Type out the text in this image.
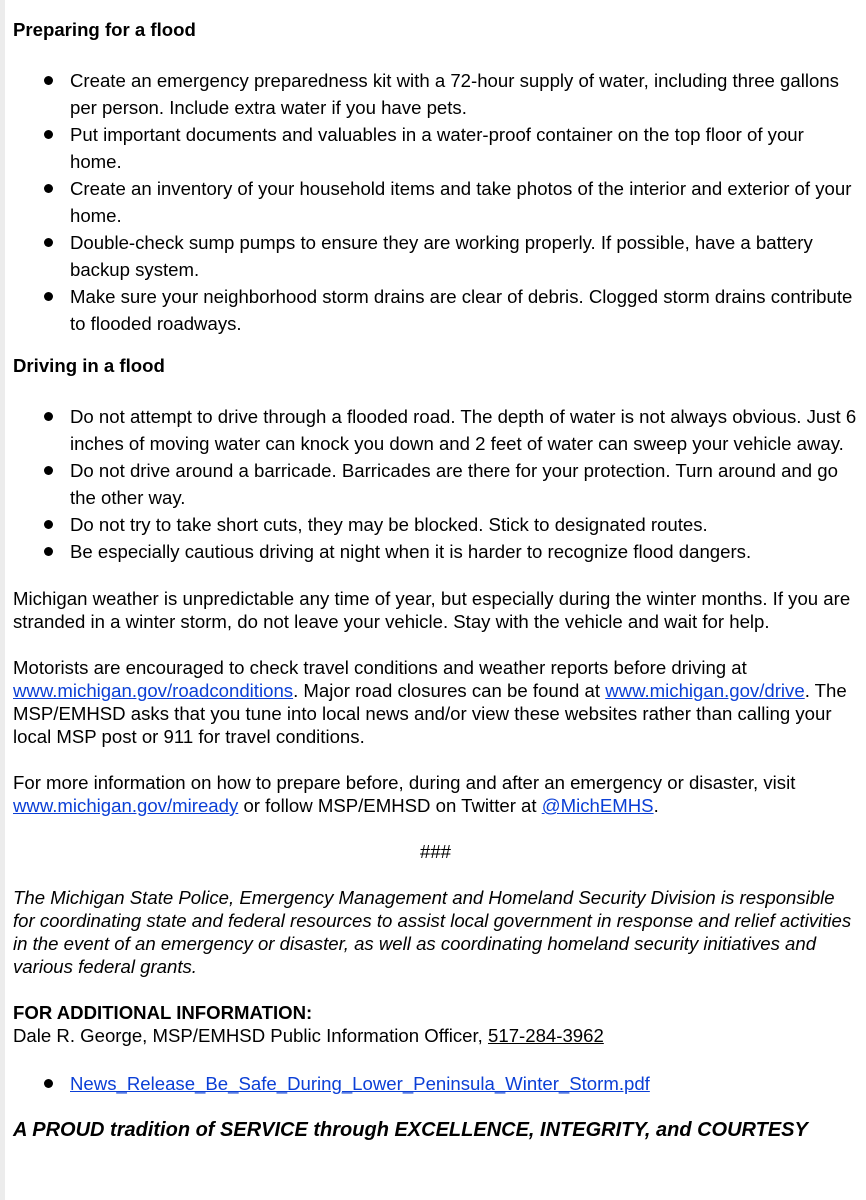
Preparing for a flood

Create an emergency preparedness kit with a 72-hour supply of water, including three gallons per person. Include extra water if you have pets.
Put important documents and valuables in a water-proof container on the top floor of your home.
Create an inventory of your household items and take photos of the interior and exterior of your home.
Double-check sump pumps to ensure they are working properly. If possible, have a battery backup system.
Make sure your neighborhood storm drains are clear of debris. Clogged storm drains contribute to flooded roadways.

Driving in a flood

Do not attempt to drive through a flooded road. The depth of water is not always obvious. Just 6 inches of moving water can knock you down and 2 feet of water can sweep your vehicle away.
Do not drive around a barricade. Barricades are there for your protection. Turn around and go the other way.
Do not try to take short cuts, they may be blocked. Stick to designated routes.
Be especially cautious driving at night when it is harder to recognize flood dangers.

Michigan weather is unpredictable any time of year, but especially during the winter months. If you are stranded in a winter storm, do not leave your vehicle. Stay with the vehicle and wait for help.

Motorists are encouraged to check travel conditions and weather reports before driving at www.michigan.gov/roadconditions. Major road closures can be found at www.michigan.gov/drive. The MSP/EMHSD asks that you tune into local news and/or view these websites rather than calling your local MSP post or 911 for travel conditions.

For more information on how to prepare before, during and after an emergency or disaster, visit www.michigan.gov/miready or follow MSP/EMHSD on Twitter at @MichEMHS.

###

The Michigan State Police, Emergency Management and Homeland Security Division is responsible for coordinating state and federal resources to assist local government in response and relief activities in the event of an emergency or disaster, as well as coordinating homeland security initiatives and various federal grants.

FOR ADDITIONAL INFORMATION:

Dale R. George, MSP/EMHSD Public Information Officer, 517-284-3962

News_Release_Be_Safe_During_Lower_Peninsula_Winter_Storm.pdf

A PROUD tradition of SERVICE through EXCELLENCE, INTEGRITY, and COURTESY
